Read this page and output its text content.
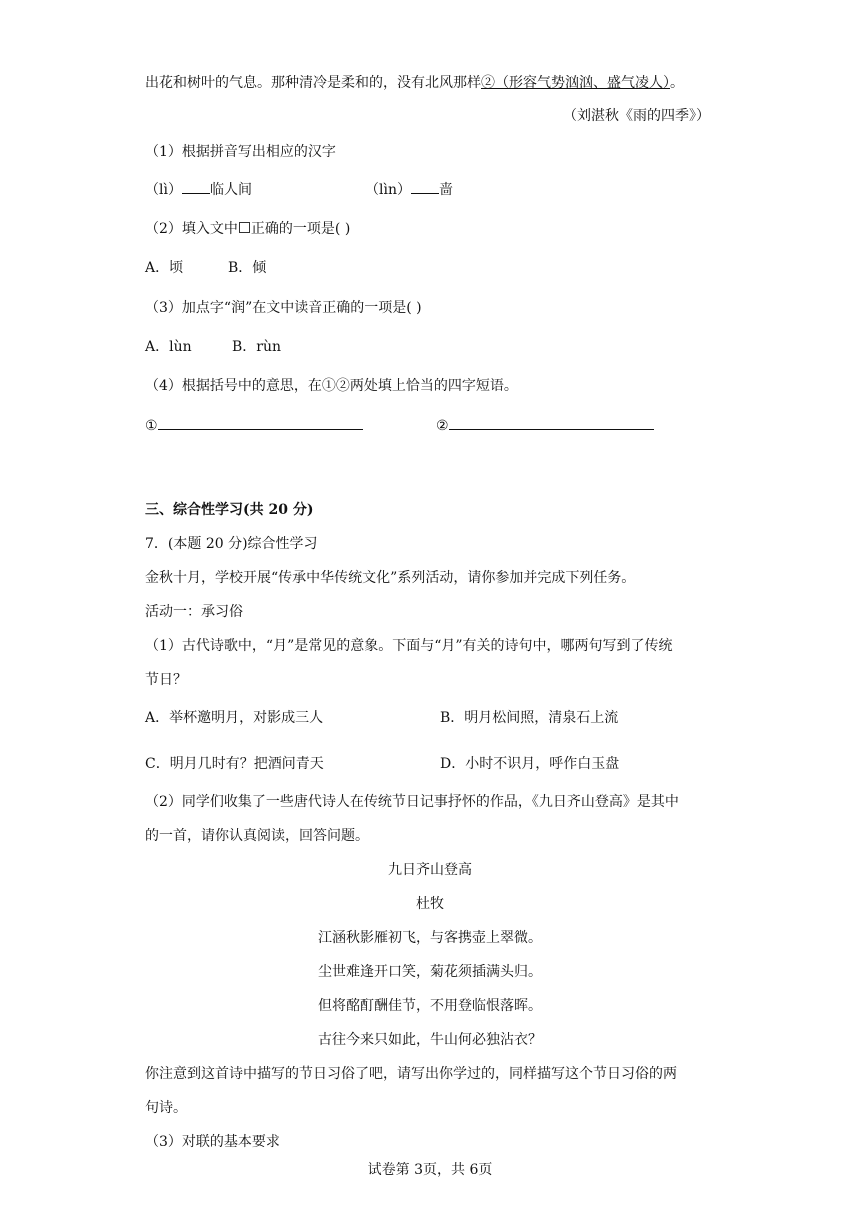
出花和树叶的气息。那种清冷是柔和的，没有北风那样②（形容气势汹汹、盛气凌人）。
（刘湛秋《雨的四季》）
（1）根据拼音写出相应的汉字
（lì） 临人间	（lìn） 啬
（2）填入文中 正确的一项是( )
A．顷	B．倾
（3）加点字“润”在文中读音正确的一项是( )
A．lùn	B．rùn
（4）根据括号中的意思，在①②两处填上恰当的四字短语。
①	②
三、综合性学习(共 20 分)
7．(本题 20 分)综合性学习
金秋十月，学校开展“传承中华传统文化”系列活动，请你参加并完成下列任务。
活动一：承习俗
（1）古代诗歌中，“月”是常见的意象。下面与“月”有关的诗句中，哪两句写到了传统
节日？
A．举杯邀明月，对影成三人	B．明月松间照，清泉石上流
C．明月几时有？把酒问青天	D．小时不识月，呼作白玉盘
（2）同学们收集了一些唐代诗人在传统节日记事抒怀的作品，《九日齐山登高》是其中
的一首，请你认真阅读，回答问题。
九日齐山登高
杜牧
江涵秋影雁初飞，与客携壶上翠微。
尘世难逢开口笑，菊花须插满头归。
但将酩酊酬佳节，不用登临恨落晖。
古往今来只如此，牛山何必独沾衣？
你注意到这首诗中描写的节日习俗了吧，请写出你学过的，同样描写这个节日习俗的两
句诗。
（3）对联的基本要求
试卷第 3页，共 6页
